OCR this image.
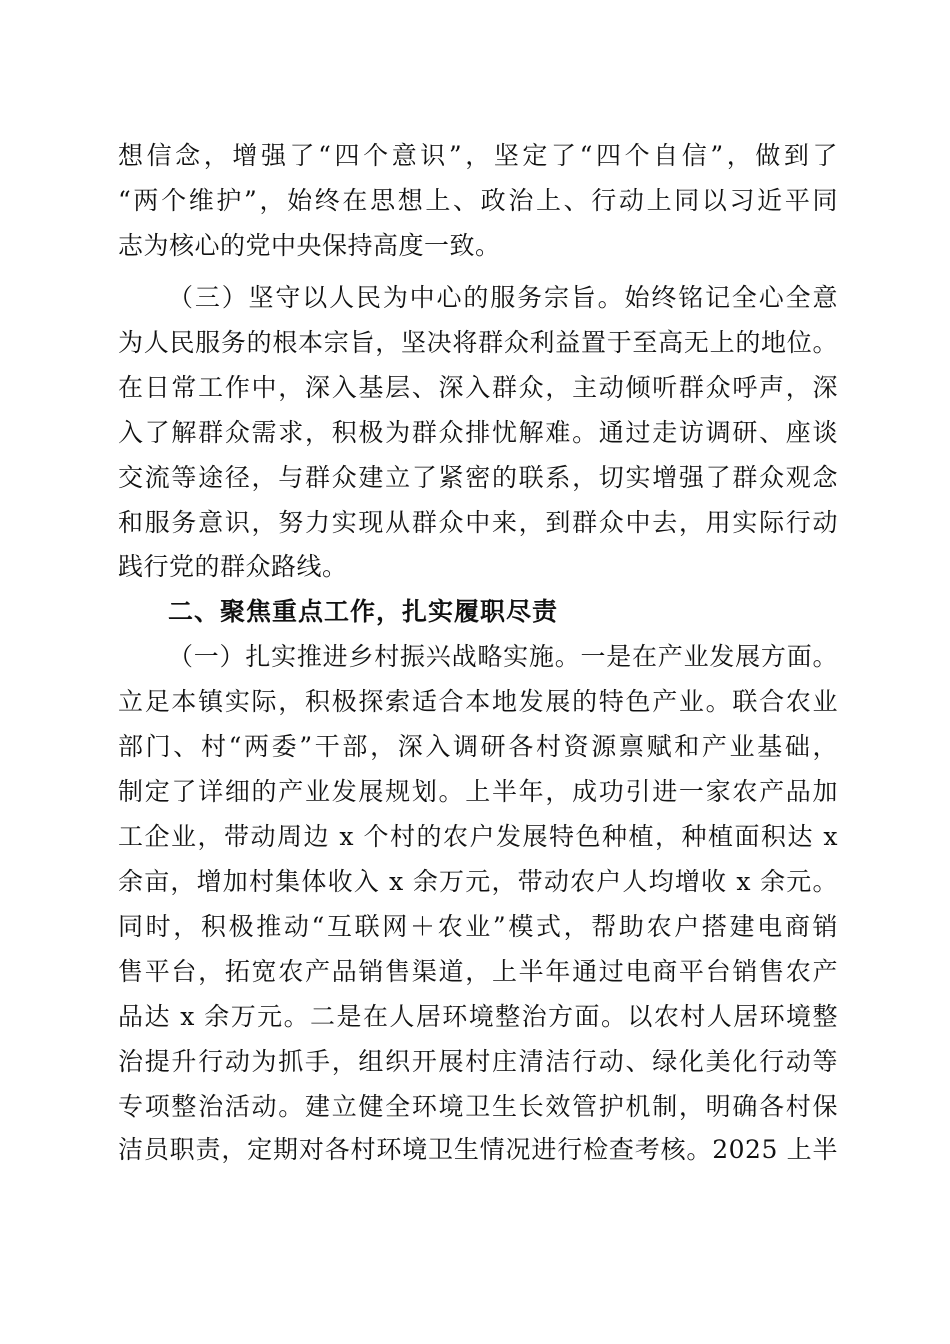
想信念，增强了“四个意识”，坚定了“四个自信”，做到了
“两个维护”，始终在思想上、政治上、行动上同以习近平同
志为核心的党中央保持高度一致。
（三）坚守以人民为中心的服务宗旨。始终铭记全心全意
为人民服务的根本宗旨，坚决将群众利益置于至高无上的地位。
在日常工作中，深入基层、深入群众，主动倾听群众呼声，深
入了解群众需求，积极为群众排忧解难。通过走访调研、座谈
交流等途径，与群众建立了紧密的联系，切实增强了群众观念
和服务意识，努力实现从群众中来，到群众中去，用实际行动
践行党的群众路线。
二、聚焦重点工作，扎实履职尽责
（一）扎实推进乡村振兴战略实施。一是在产业发展方面。
立足本镇实际，积极探索适合本地发展的特色产业。联合农业
部门、村“两委”干部，深入调研各村资源禀赋和产业基础，
制定了详细的产业发展规划。上半年，成功引进一家农产品加
工企业，带动周边 x 个村的农户发展特色种植，种植面积达 x
余亩，增加村集体收入 x 余万元，带动农户人均增收 x 余元。
同时，积极推动“互联网＋农业”模式，帮助农户搭建电商销
售平台，拓宽农产品销售渠道，上半年通过电商平台销售农产
品达 x 余万元。二是在人居环境整治方面。以农村人居环境整
治提升行动为抓手，组织开展村庄清洁行动、绿化美化行动等
专项整治活动。建立健全环境卫生长效管护机制，明确各村保
洁员职责，定期对各村环境卫生情况进行检查考核。2025 上半
